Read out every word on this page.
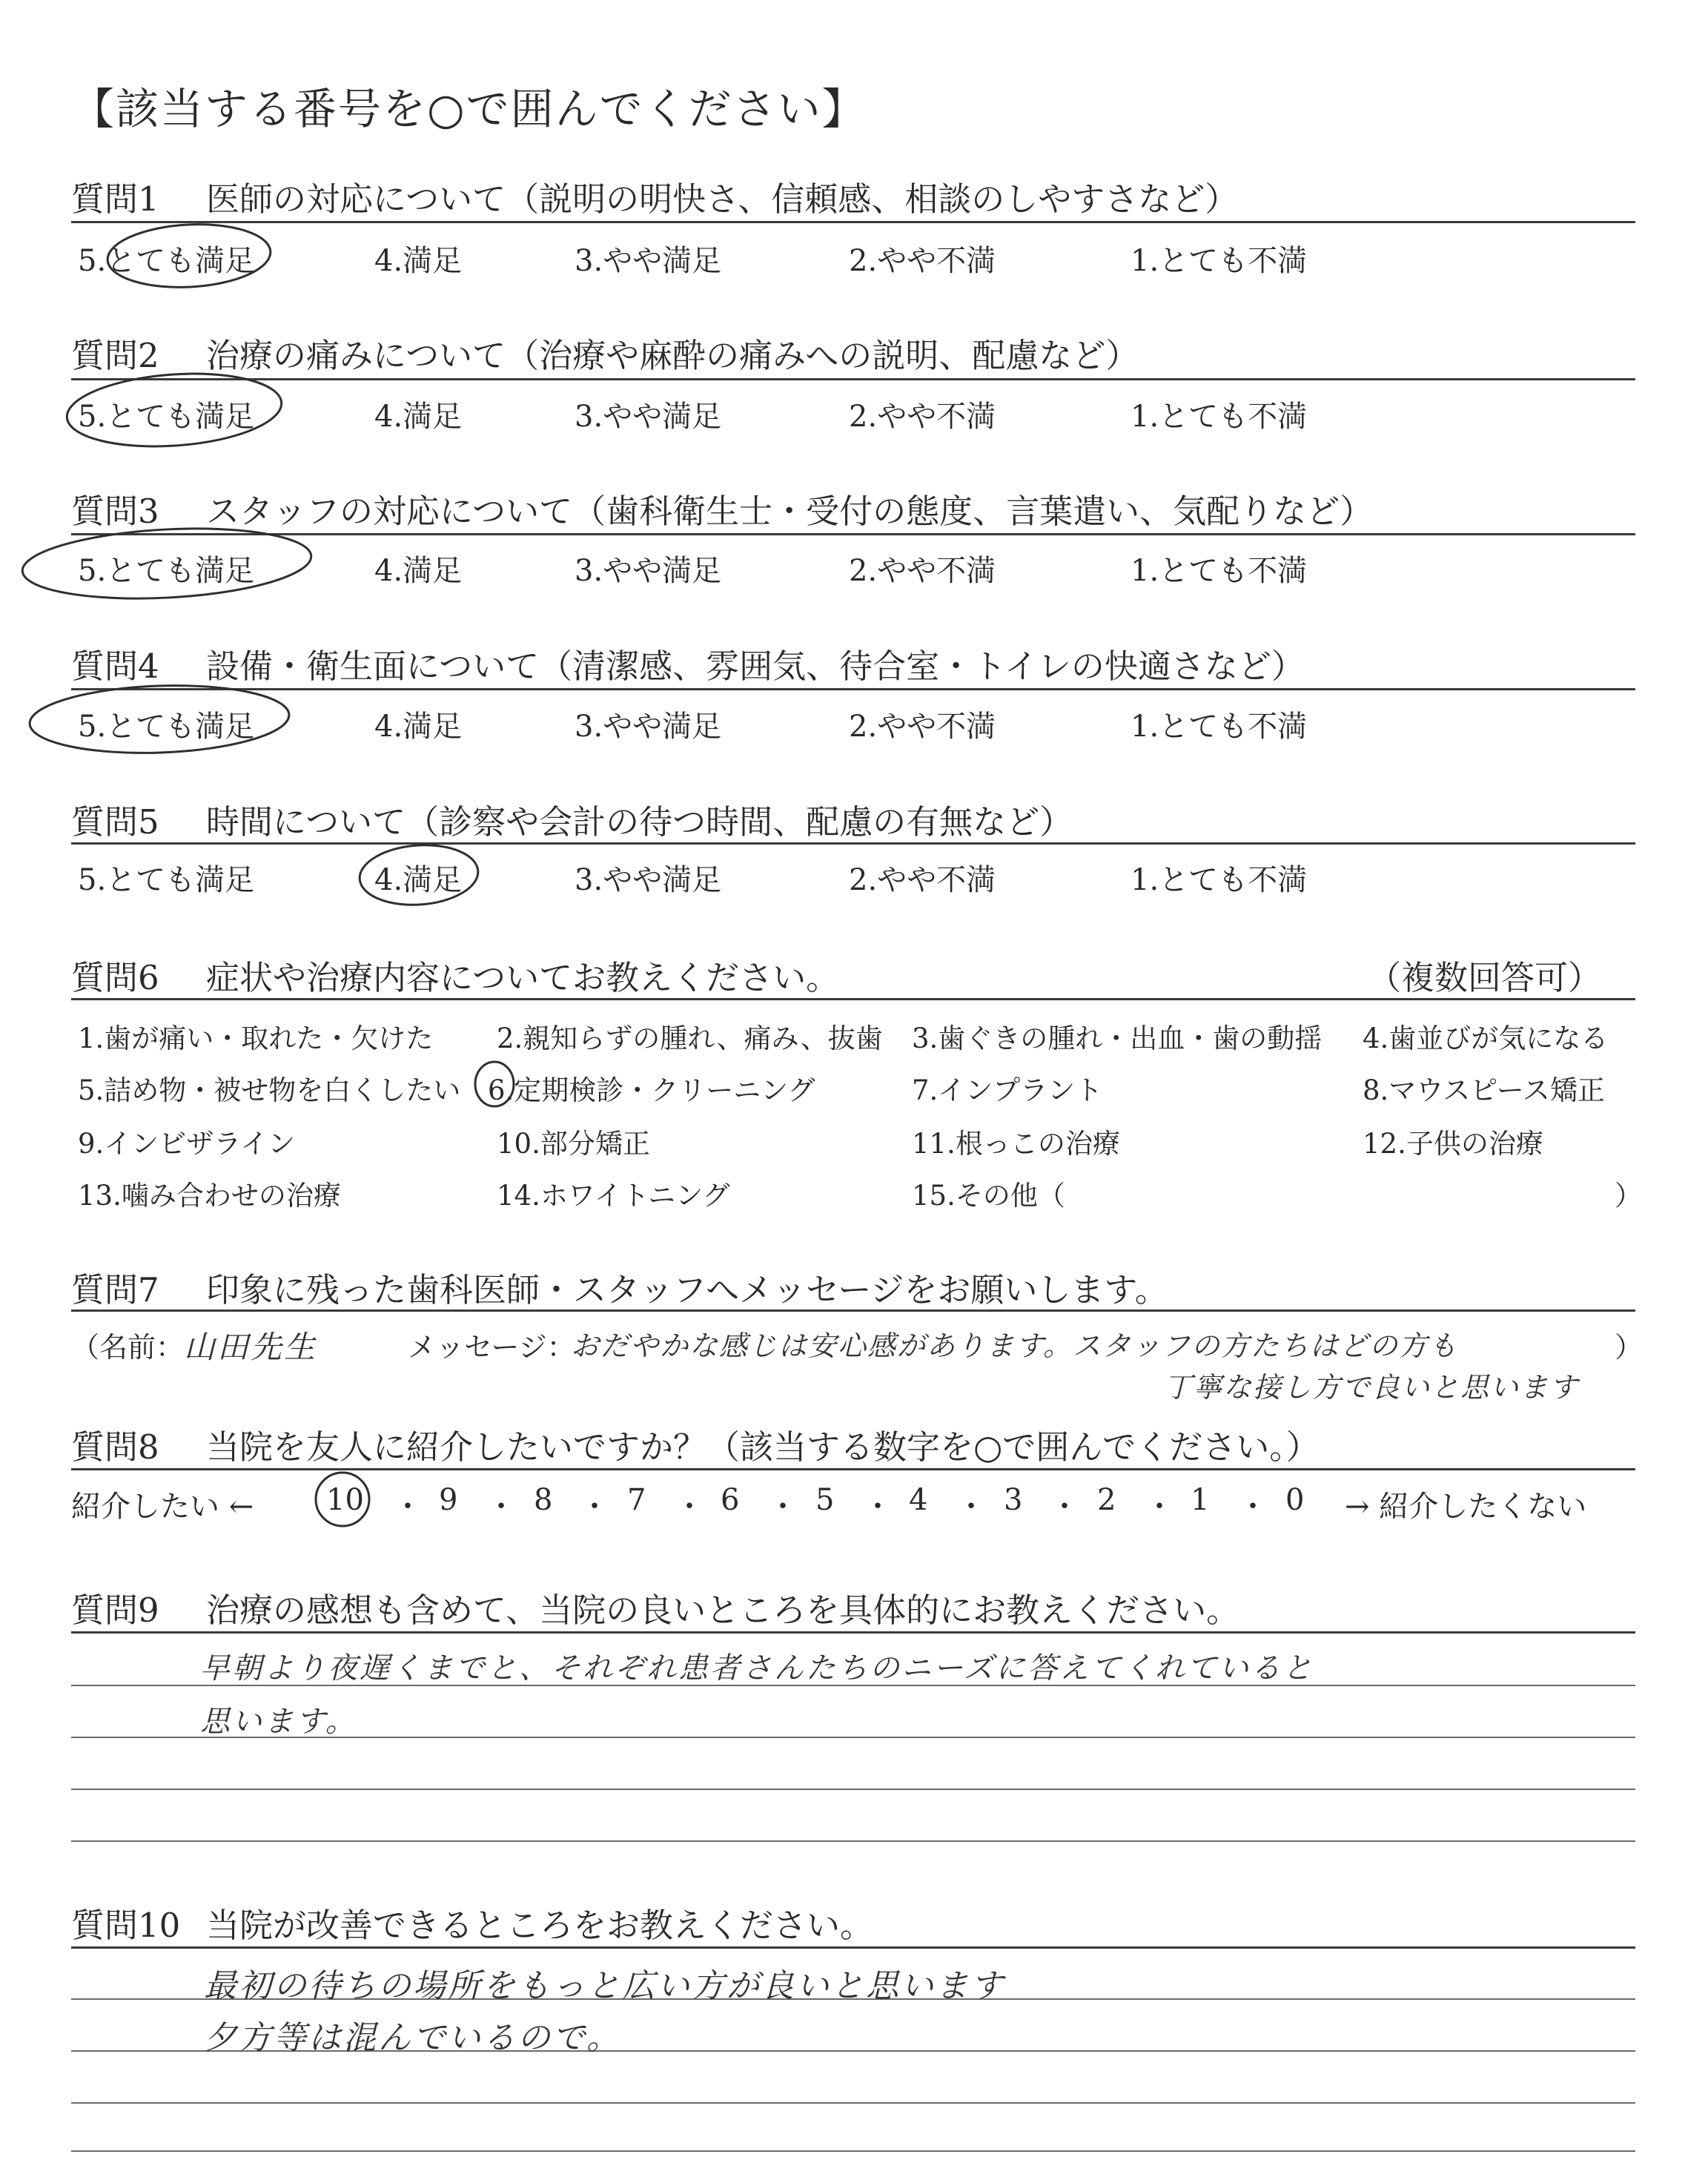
【該当する番号を○で囲んでください】
質問1 医師の対応について（説明の明快さ、信頼感、相談のしやすさなど）
5.とても満足	4.満足	3.やや満足	2.やや不満	1.とても不満
質問2 治療の痛みについて（治療や麻酔の痛みへの説明、配慮など）
5.とても満足	4.満足	3.やや満足	2.やや不満	1.とても不満
質問3 スタッフの対応について（歯科衛生士・受付の態度、言葉遣い、気配りなど）
5.とても満足	4.満足	3.やや満足	2.やや不満	1.とても不満
質問4 設備・衛生面について（清潔感、雰囲気、待合室・トイレの快適さなど）
5.とても満足	4.満足	3.やや満足	2.やや不満	1.とても不満
質問5 時間について（診察や会計の待つ時間、配慮の有無など）
5.とても満足	4.満足	3.やや満足	2.やや不満	1.とても不満
質問6 症状や治療内容についてお教えください。	（複数回答可）
1.歯が痛い・取れた・欠けた 2.親知らずの腫れ、痛み、抜歯 3.歯ぐきの腫れ・出血・歯の動揺 4.歯並びが気になる
5.詰め物・被せ物を白くしたい 6.定期検診・クリーニング	7.インプラント	8.マウスピース矯正
9.インビザライン	10.部分矯正	11.根っこの治療	12.子供の治療
13.噛み合わせの治療	14.ホワイトニング	15.その他（	）
質問7 印象に残った歯科医師・スタッフへメッセージをお願いします。
（名前： 山田先生	メッセージ：
おだやかな感じは安心感があります。スタッフの方たちはどの方も
丁寧な接し方で良いと思います
）
質問8 当院を友人に紹介したいですか？（該当する数字を○で囲んでください。）
紹介したい ← 10 ・ 9 ・ 8 ・ 7 ・ 6 ・ 5 ・ 4 ・ 3 ・ 2 ・ 1 ・ 0 → 紹介したくない
質問9 治療の感想も含めて、当院の良いところを具体的にお教えください。
早朝より夜遅くまでと、それぞれ患者さんたちのニーズに答えてくれていると
思います。
質問10 当院が改善できるところをお教えください。
最初の待ちの場所をもっと広い方が良いと思います
夕方等は混んでいるので。
